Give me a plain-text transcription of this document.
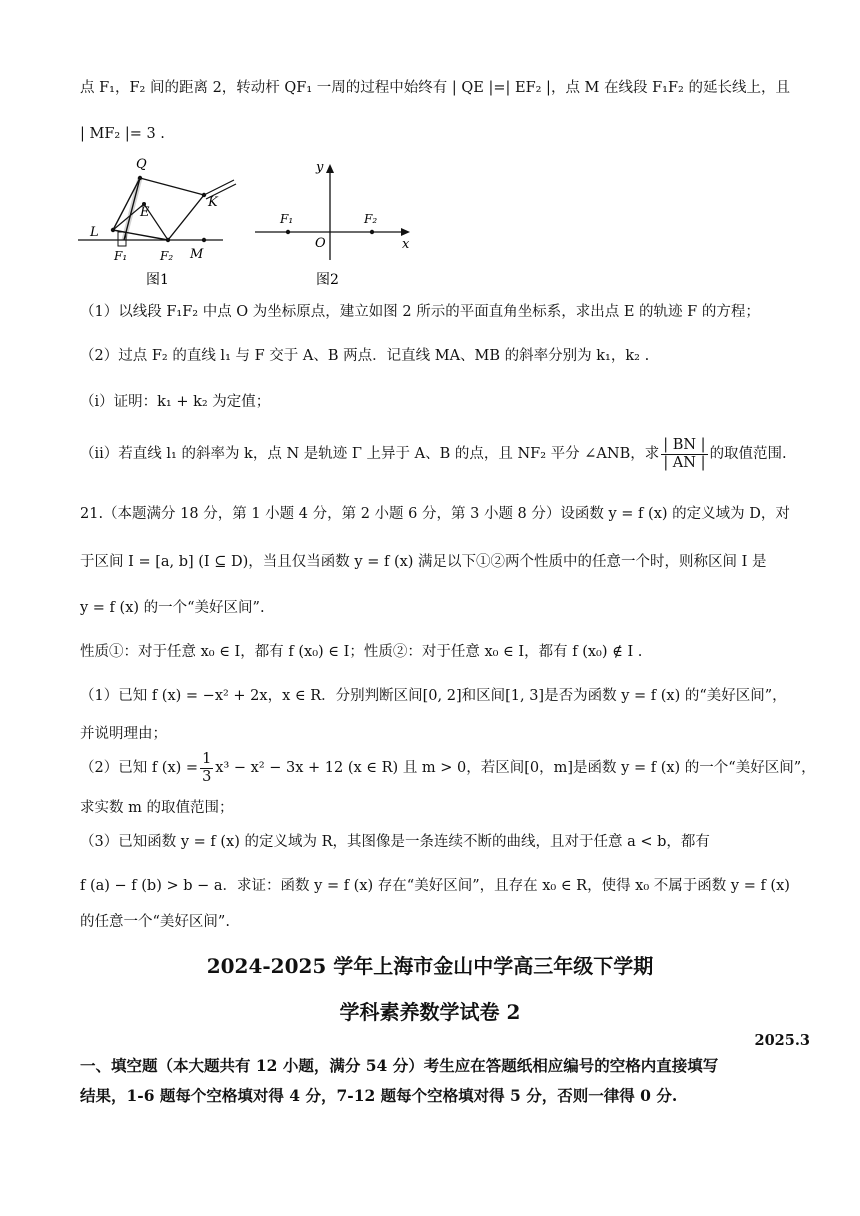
点 F₁，F₂ 间的距离 2，转动杆 QF₁ 一周的过程中始终有 | QE |=| EF₂ |，点 M 在线段 F₁F₂ 的延长线上，且
| MF₂ |= 3 .
（1）以线段 F₁F₂ 中点 O 为坐标原点，建立如图 2 所示的平面直角坐标系，求出点 E 的轨迹 F 的方程；
（2）过点 F₂ 的直线 l₁ 与 F 交于 A、B 两点．记直线 MA、MB 的斜率分别为 k₁，k₂ .
（ⅰ）证明：k₁ + k₂ 为定值；
（ⅱ）若直线 l₁ 的斜率为 k，点 N 是轨迹 Γ 上异于 A、B 的点，且 NF₂ 平分 ∠ANB，求 $\frac{| BN |}{| AN |}$ 的取值范围.
21.（本题满分 18 分，第 1 小题 4 分，第 2 小题 6 分，第 3 小题 8 分）设函数 y = f (x) 的定义域为 D，对
于区间 I = [a, b] (I ⊆ D)，当且仅当函数 y = f (x) 满足以下①②两个性质中的任意一个时，则称区间 I 是
y = f (x) 的一个“美好区间”.
性质①：对于任意 x₀ ∈ I，都有 f (x₀) ∈ I；性质②：对于任意 x₀ ∈ I，都有 f (x₀) ∉ I .
（1）已知 f (x) = −x² + 2x，x ∈ R．分别判断区间[0, 2]和区间[1, 3]是否为函数 y = f (x) 的“美好区间”，
并说明理由；
（2）已知 f $(x) = \frac{1}{3} x^3 - x^2 - 3x + 12$ (x ∈ R) 且 m > 0，若区间[0，m]是函数 y = f (x) 的一个“美好区间”，
求实数 m 的取值范围；
（3）已知函数 y = f (x) 的定义域为 R，其图像是一条连续不断的曲线，且对于任意 a < b，都有
f (a) − f (b) > b − a．求证：函数 y = f (x) 存在“美好区间”，且存在 x₀ ∈ R，使得 x₀ 不属于函数 y = f (x)
的任意一个“美好区间”.
Q
E
K
L
F₁	F₂ M
图1
y
x
O
F₁	F₂
图2
2024-2025 学年上海市金山中学高三年级下学期
学科素养数学试卷 2
2025.3
一、填空题（本大题共有 12 小题，满分 54 分）考生应在答题纸相应编号的空格内直接填写
结果，1-6 题每个空格填对得 4 分，7-12 题每个空格填对得 5 分，否则一律得 0 分.
